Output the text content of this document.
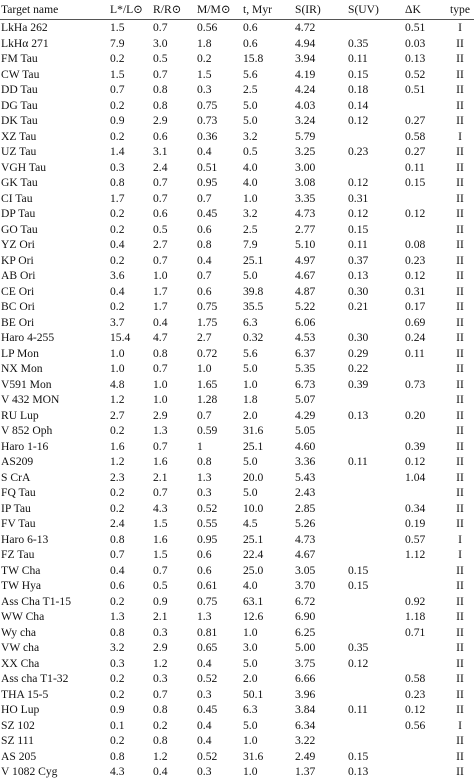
Target name	L*/L⊙	R/R⊙	M/M⊙	t, Myr	S(IR)	S(UV)	ΔK	type
LkHa 262	1.5	0.7	0.56	0.6	4.72		0.51	I
LkHα 271	7.9	3.0	1.8	0.6	4.94	0.35	0.03	II
FM Tau	0.2	0.5	0.2	15.8	3.94	0.11	0.13	II
CW Tau	1.5	0.7	1.5	5.6	4.19	0.15	0.52	II
DD Tau	0.7	0.8	0.3	2.5	4.24	0.18	0.51	II
DG Tau	0.2	0.8	0.75	5.0	4.03	0.14		II
DK Tau	0.9	2.9	0.73	5.0	3.24	0.12	0.27	II
XZ Tau	0.2	0.6	0.36	3.2	5.79		0.58	I
UZ Tau	1.4	3.1	0.4	0.5	3.25	0.23	0.27	II
VGH Tau	0.3	2.4	0.51	4.0	3.00		0.11	II
GK Tau	0.8	0.7	0.95	4.0	3.08	0.12	0.15	II
CI Tau	1.7	0.7	0.7	1.0	3.35	0.31		II
DP Tau	0.2	0.6	0.45	3.2	4.73	0.12	0.12	II
GO Tau	0.2	0.5	0.6	2.5	2.77	0.15		II
YZ Ori	0.4	2.7	0.8	7.9	5.10	0.11	0.08	II
KP Ori	0.2	0.7	0.4	25.1	4.97	0.37	0.23	II
AB Ori	3.6	1.0	0.7	5.0	4.67	0.13	0.12	II
CE Ori	0.4	1.7	0.6	39.8	4.87	0.30	0.31	II
BC Ori	0.2	1.7	0.75	35.5	5.22	0.21	0.17	II
BE Ori	3.7	0.4	1.75	6.3	6.06		0.69	II
Haro 4-255	15.4	4.7	2.7	0.32	4.53	0.30	0.24	II
LP Mon	1.0	0.8	0.72	5.6	6.37	0.29	0.11	II
NX Mon	1.0	0.7	1.0	5.0	5.35	0.22		II
V591 Mon	4.8	1.0	1.65	1.0	6.73	0.39	0.73	II
V 432 MON	1.2	1.0	1.28	1.8	5.07			II
RU Lup	2.7	2.9	0.7	2.0	4.29	0.13	0.20	II
V 852 Oph	0.2	1.3	0.59	31.6	5.05			II
Haro 1-16	1.6	0.7	1	25.1	4.60		0.39	II
AS209	1.2	1.6	0.8	5.0	3.36	0.11	0.12	II
S CrA	2.3	2.1	1.3	20.0	5.43		1.04	II
FQ Tau	0.2	0.7	0.3	5.0	2.43			II
IP Tau	0.2	4.3	0.52	10.0	2.85		0.34	II
FV Tau	2.4	1.5	0.55	4.5	5.26		0.19	II
Haro 6-13	0.8	1.6	0.95	25.1	4.73		0.57	I
FZ Tau	0.7	1.5	0.6	22.4	4.67		1.12	I
TW Cha	0.4	0.7	0.6	25.0	3.05	0.15		II
TW Hya	0.6	0.5	0.61	4.0	3.70	0.15		II
Ass Cha T1-15	0.2	0.9	0.75	63.1	6.72		0.92	II
WW Cha	1.3	2.1	1.3	12.6	6.90		1.18	II
Wy cha	0.8	0.3	0.81	1.0	6.25		0.71	II
VW cha	3.2	2.9	0.65	3.0	5.00	0.35		II
XX Cha	0.3	1.2	0.4	5.0	3.75	0.12		II
Ass cha T1-32	0.2	0.3	0.52	2.0	6.66		0.58	II
THA 15-5	0.2	0.7	0.3	50.1	3.96		0.23	II
HO Lup	0.9	0.8	0.45	6.3	3.84	0.11	0.12	II
SZ 102	0.1	0.2	0.4	5.0	6.34		0.56	I
SZ 111	0.2	0.8	0.4	1.0	3.22			II
AS 205	0.8	1.2	0.52	31.6	2.49	0.15		II
V 1082 Cyg	4.3	0.4	0.3	1.0	1.37	0.13		II
